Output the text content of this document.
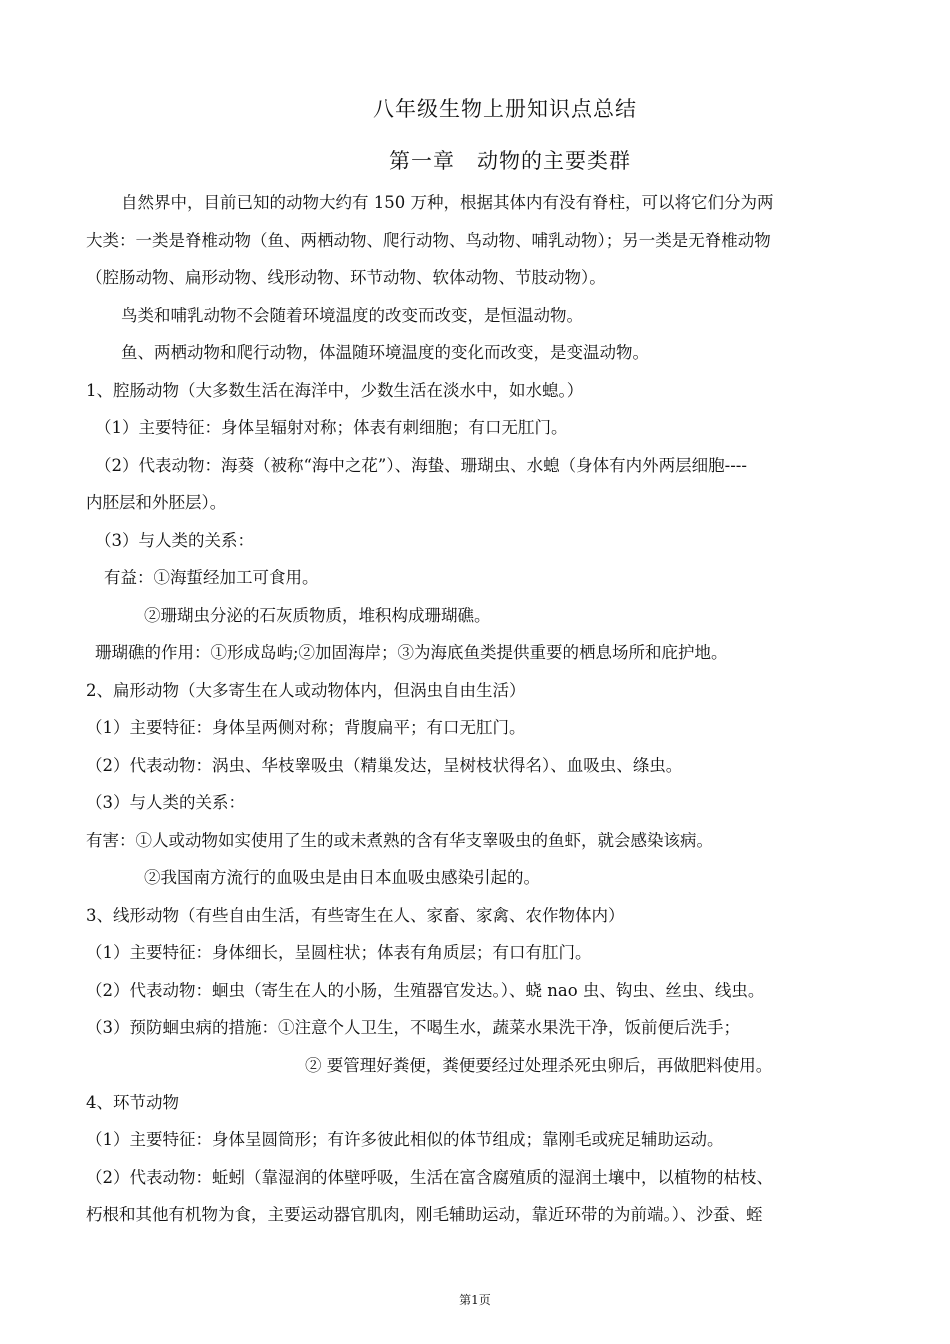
八年级生物上册知识点总结
第一章　动物的主要类群
自然界中，目前已知的动物大约有 150 万种，根据其体内有没有脊柱，可以将它们分为两
大类：一类是脊椎动物（鱼、两栖动物、爬行动物、鸟动物、哺乳动物）；另一类是无脊椎动物
（腔肠动物、扁形动物、线形动物、环节动物、软体动物、节肢动物）。
鸟类和哺乳动物不会随着环境温度的改变而改变，是恒温动物。
鱼、两栖动物和爬行动物，体温随环境温度的变化而改变，是变温动物。
1、腔肠动物（大多数生活在海洋中，少数生活在淡水中，如水螅。）
（1）主要特征：身体呈辐射对称；体表有刺细胞；有口无肛门。
（2）代表动物：海葵（被称“海中之花”）、海蛰、珊瑚虫、水螅（身体有内外两层细胞----
内胚层和外胚层）。
（3）与人类的关系：
有益：①海蜇经加工可食用。
②珊瑚虫分泌的石灰质物质，堆积构成珊瑚礁。
珊瑚礁的作用：①形成岛屿;②加固海岸；③为海底鱼类提供重要的栖息场所和庇护地。
2、扁形动物（大多寄生在人或动物体内，但涡虫自由生活）
（1）主要特征：身体呈两侧对称；背腹扁平；有口无肛门。
（2）代表动物：涡虫、华枝睾吸虫（精巢发达，呈树枝状得名）、血吸虫、绦虫。
（3）与人类的关系：
有害：①人或动物如实使用了生的或未煮熟的含有华支睾吸虫的鱼虾，就会感染该病。
②我国南方流行的血吸虫是由日本血吸虫感染引起的。
3、线形动物（有些自由生活，有些寄生在人、家畜、家禽、农作物体内）
（1）主要特征：身体细长，呈圆柱状；体表有角质层；有口有肛门。
（2）代表动物：蛔虫（寄生在人的小肠，生殖器官发达。）、蛲 nao 虫、钩虫、丝虫、线虫。
（3）预防蛔虫病的措施：①注意个人卫生，不喝生水，蔬菜水果洗干净，饭前便后洗手；
② 要管理好粪便，粪便要经过处理杀死虫卵后，再做肥料使用。
4、环节动物
（1）主要特征：身体呈圆筒形；有许多彼此相似的体节组成；靠刚毛或疣足辅助运动。
（2）代表动物：蚯蚓（靠湿润的体壁呼吸，生活在富含腐殖质的湿润土壤中，以植物的枯枝、
朽根和其他有机物为食，主要运动器官肌肉，刚毛辅助运动，靠近环带的为前端。）、沙蚕、蛭
第1页
